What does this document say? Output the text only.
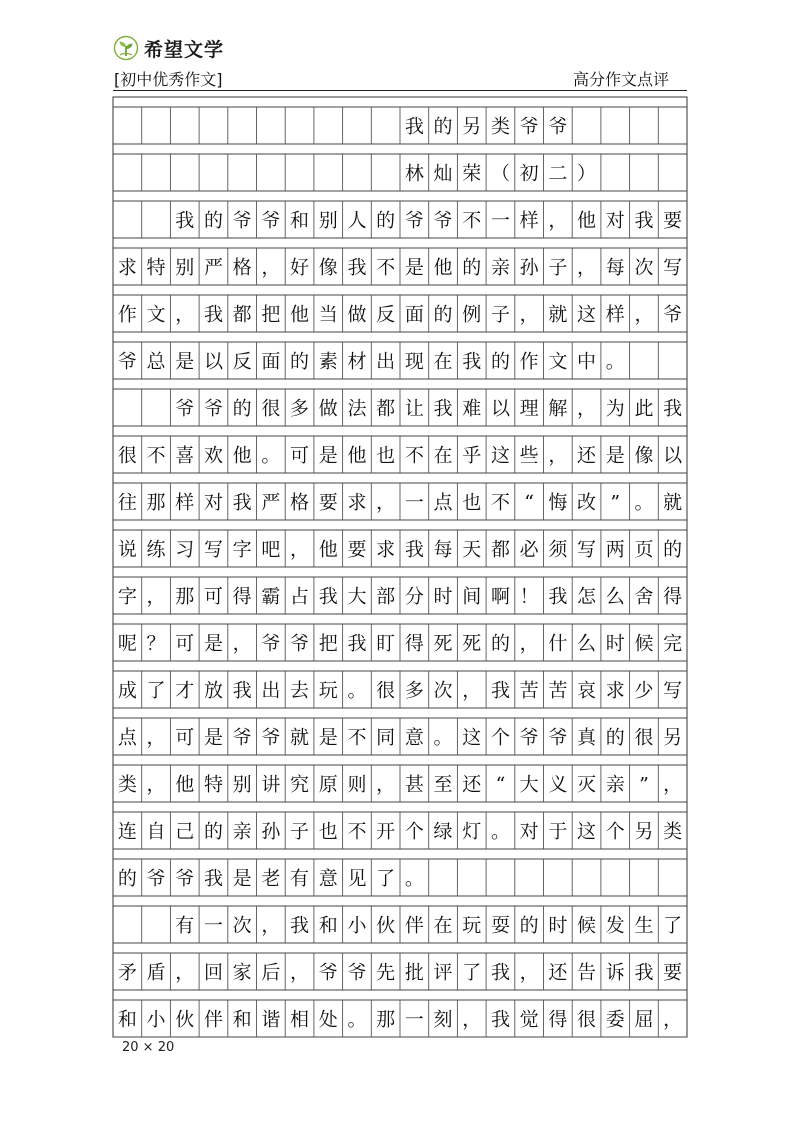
希望文学
[初中优秀作文]	高分作文点评
我 的 另 类 爷 爷
林 灿 荣 （ 初 二 ）
我 的 爷 爷 和 别 人 的 爷 爷 不 一 样 ， 他 对 我 要
求 特 别 严 格 ， 好 像 我 不 是 他 的 亲 孙 子 ， 每 次 写
作 文 ， 我 都 把 他 当 做 反 面 的 例 子 ， 就 这 样 ， 爷
爷 总 是 以 反 面 的 素 材 出 现 在 我 的 作 文 中 。
爷 爷 的 很 多 做 法 都 让 我 难 以 理 解 ， 为 此 我
很 不 喜 欢 他 。 可 是 他 也 不 在 乎 这 些 ， 还 是 像 以
往 那 样 对 我 严 格 要 求 ， 一 点 也 不 “ 悔 改 ” 。 就
说 练 习 写 字 吧 ， 他 要 求 我 每 天 都 必 须 写 两 页 的
字 ， 那 可 得 霸 占 我 大 部 分 时 间 啊 ！ 我 怎 么 舍 得
呢 ？ 可 是 ， 爷 爷 把 我 盯 得 死 死 的 ， 什 么 时 候 完
成 了 才 放 我 出 去 玩 。 很 多 次 ， 我 苦 苦 哀 求 少 写
点 ， 可 是 爷 爷 就 是 不 同 意 。 这 个 爷 爷 真 的 很 另
类 ， 他 特 别 讲 究 原 则 ， 甚 至 还 “ 大 义 灭 亲 ” ，
连 自 己 的 亲 孙 子 也 不 开 个 绿 灯 。 对 于 这 个 另 类
的 爷 爷 我 是 老 有 意 见 了 。
有 一 次 ， 我 和 小 伙 伴 在 玩 耍 的 时 候 发 生 了
矛 盾 ， 回 家 后 ， 爷 爷 先 批 评 了 我 ， 还 告 诉 我 要
和 小 伙 伴 和 谐 相 处 。 那 一 刻 ， 我 觉 得 很 委 屈 ，
20 × 20
